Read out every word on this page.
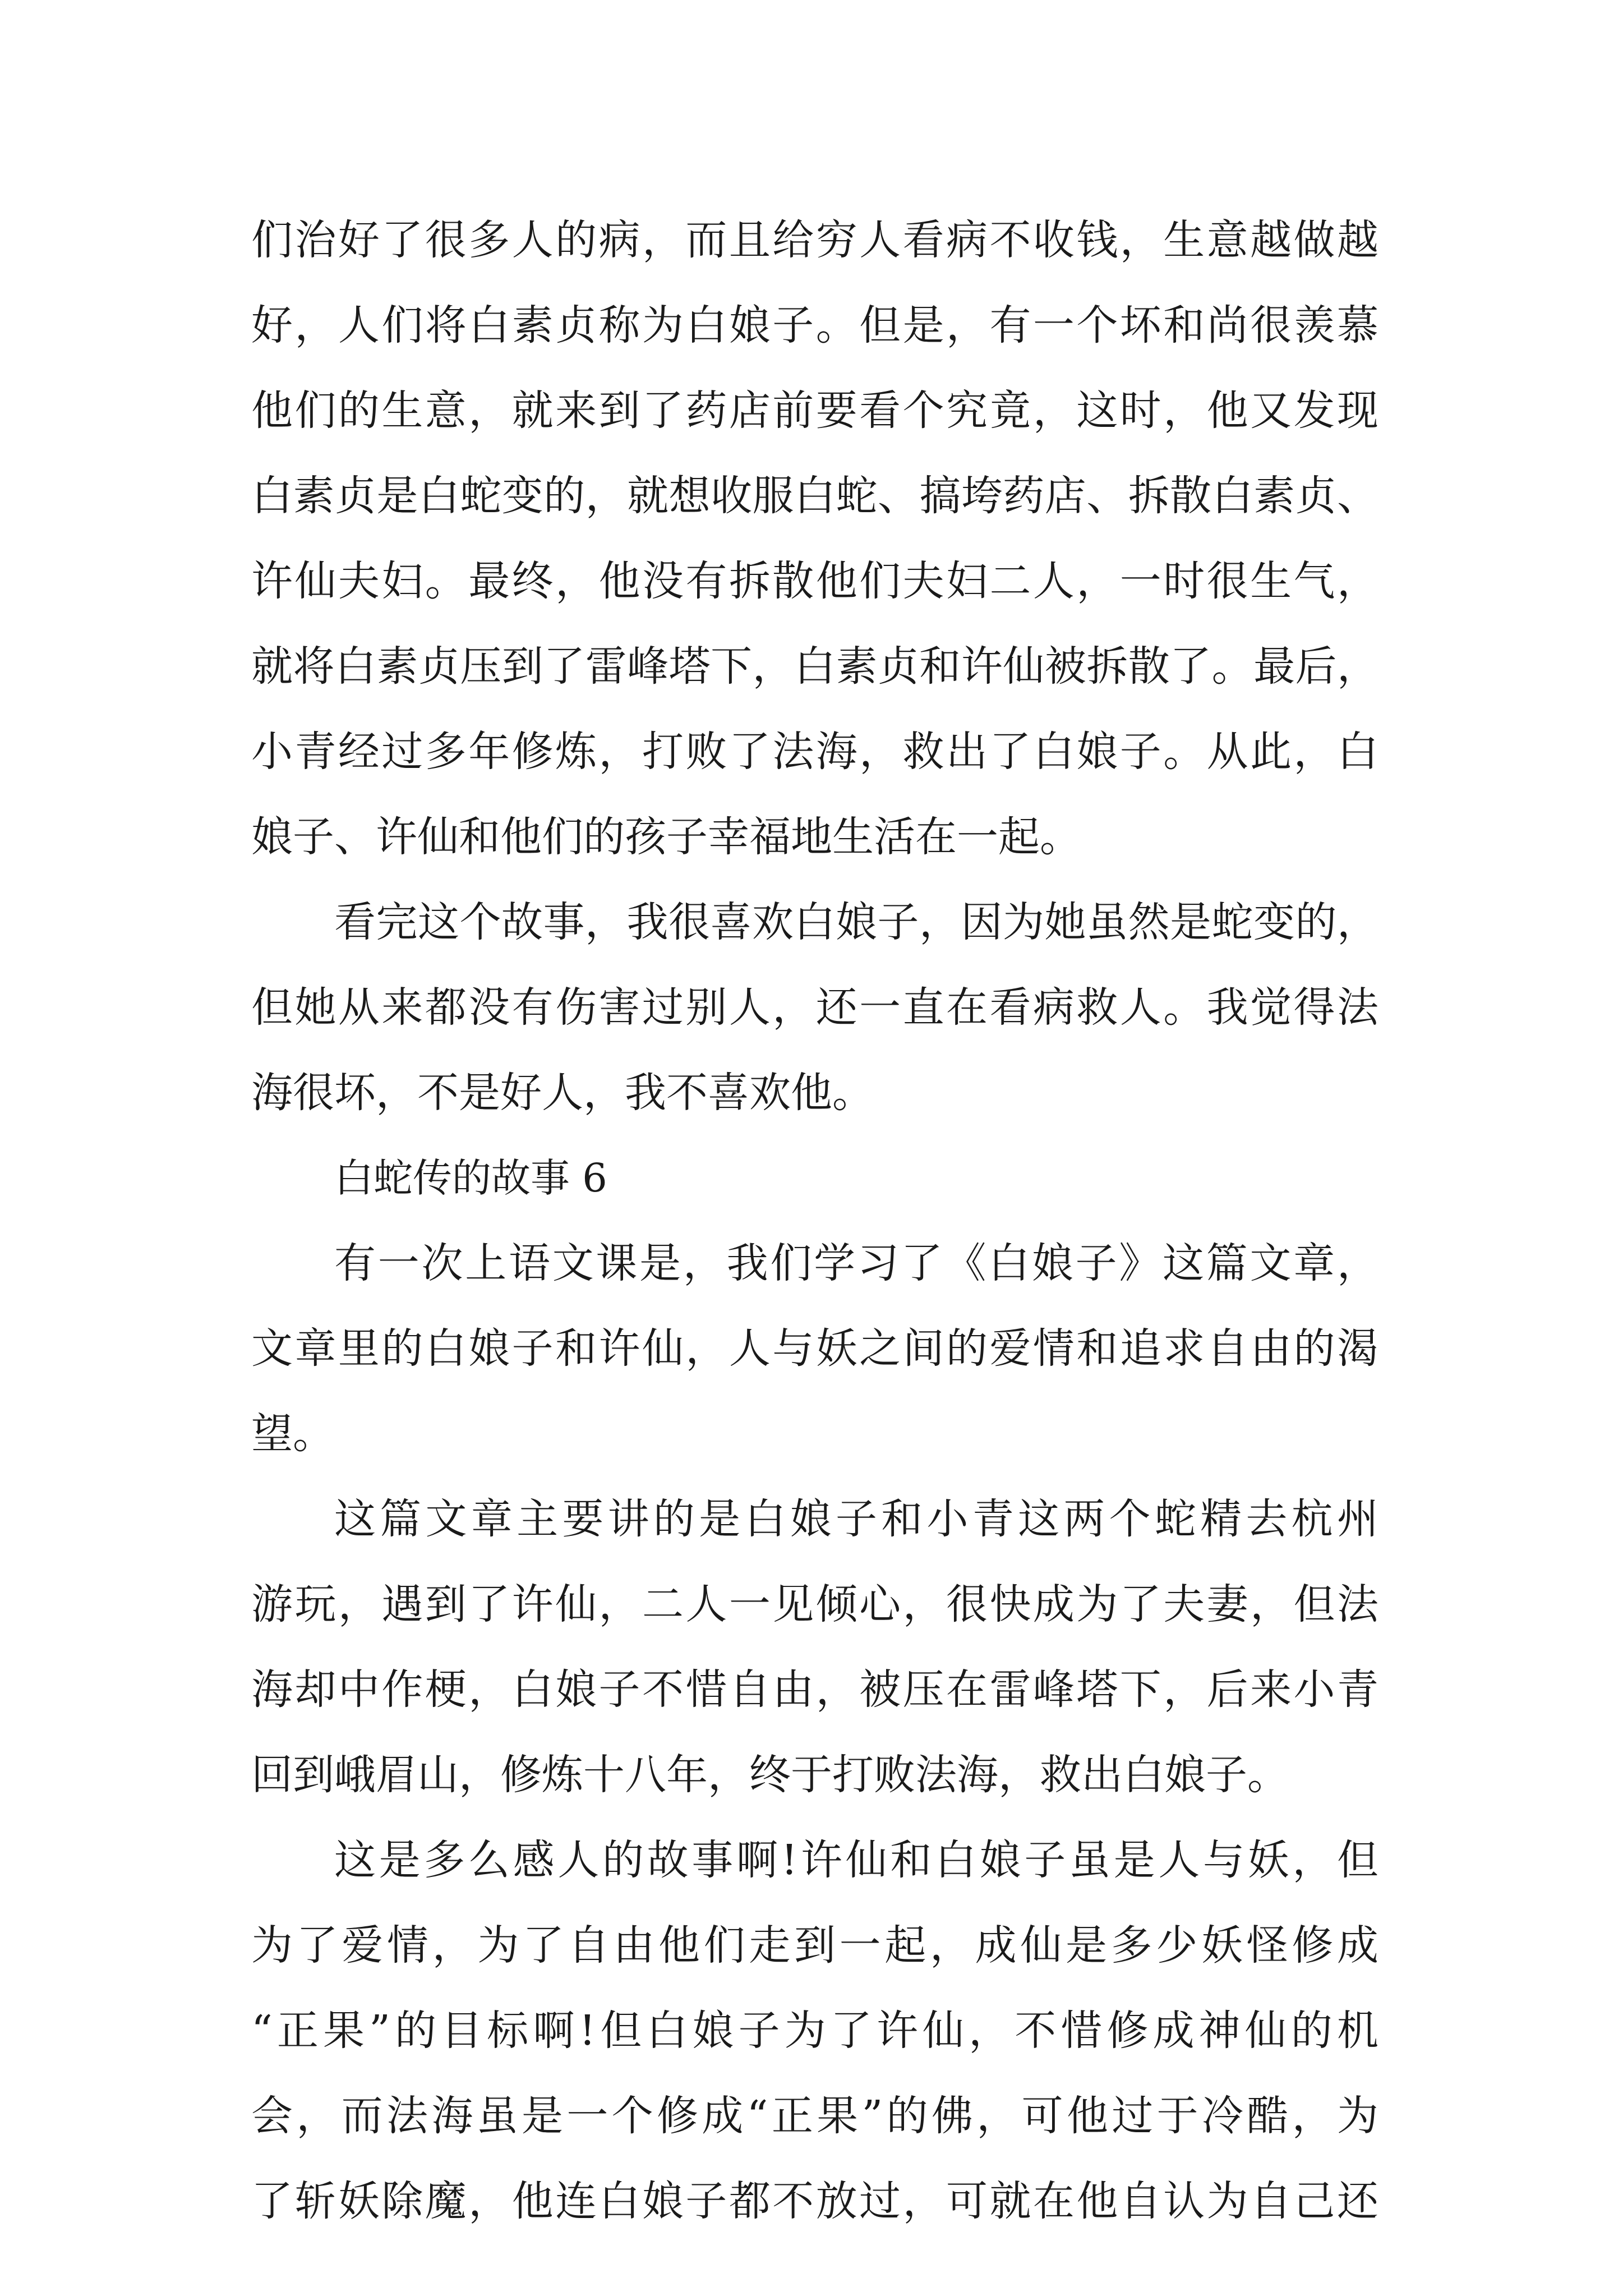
们治好了很多人的病，而且给穷人看病不收钱，生意越做越
好，人们将白素贞称为白娘子。但是，有一个坏和尚很羡慕
他们的生意，就来到了药店前要看个究竟，这时，他又发现
白素贞是白蛇变的，就想收服白蛇、搞垮药店、拆散白素贞、
许仙夫妇。最终，他没有拆散他们夫妇二人，一时很生气，
就将白素贞压到了雷峰塔下，白素贞和许仙被拆散了。最后，
小青经过多年修炼，打败了法海，救出了白娘子。从此，白
娘子、许仙和他们的孩子幸福地生活在一起。
看完这个故事，我很喜欢白娘子，因为她虽然是蛇变的，
但她从来都没有伤害过别人，还一直在看病救人。我觉得法
海很坏，不是好人，我不喜欢他。
白蛇传的故事 6
有一次上语文课是，我们学习了《白娘子》这篇文章，
文章里的白娘子和许仙，人与妖之间的爱情和追求自由的渴
望。
这篇文章主要讲的是白娘子和小青这两个蛇精去杭州
游玩，遇到了许仙，二人一见倾心，很快成为了夫妻，但法
海却中作梗，白娘子不惜自由，被压在雷峰塔下，后来小青
回到峨眉山，修炼十八年，终于打败法海，救出白娘子。
这是多么感人的故事啊!许仙和白娘子虽是人与妖，但
为了爱情，为了自由他们走到一起，成仙是多少妖怪修成
“正果”的目标啊!但白娘子为了许仙，不惜修成神仙的机
会，而法海虽是一个修成“正果”的佛，可他过于冷酷，为
了斩妖除魔，他连白娘子都不放过，可就在他自认为自己还
